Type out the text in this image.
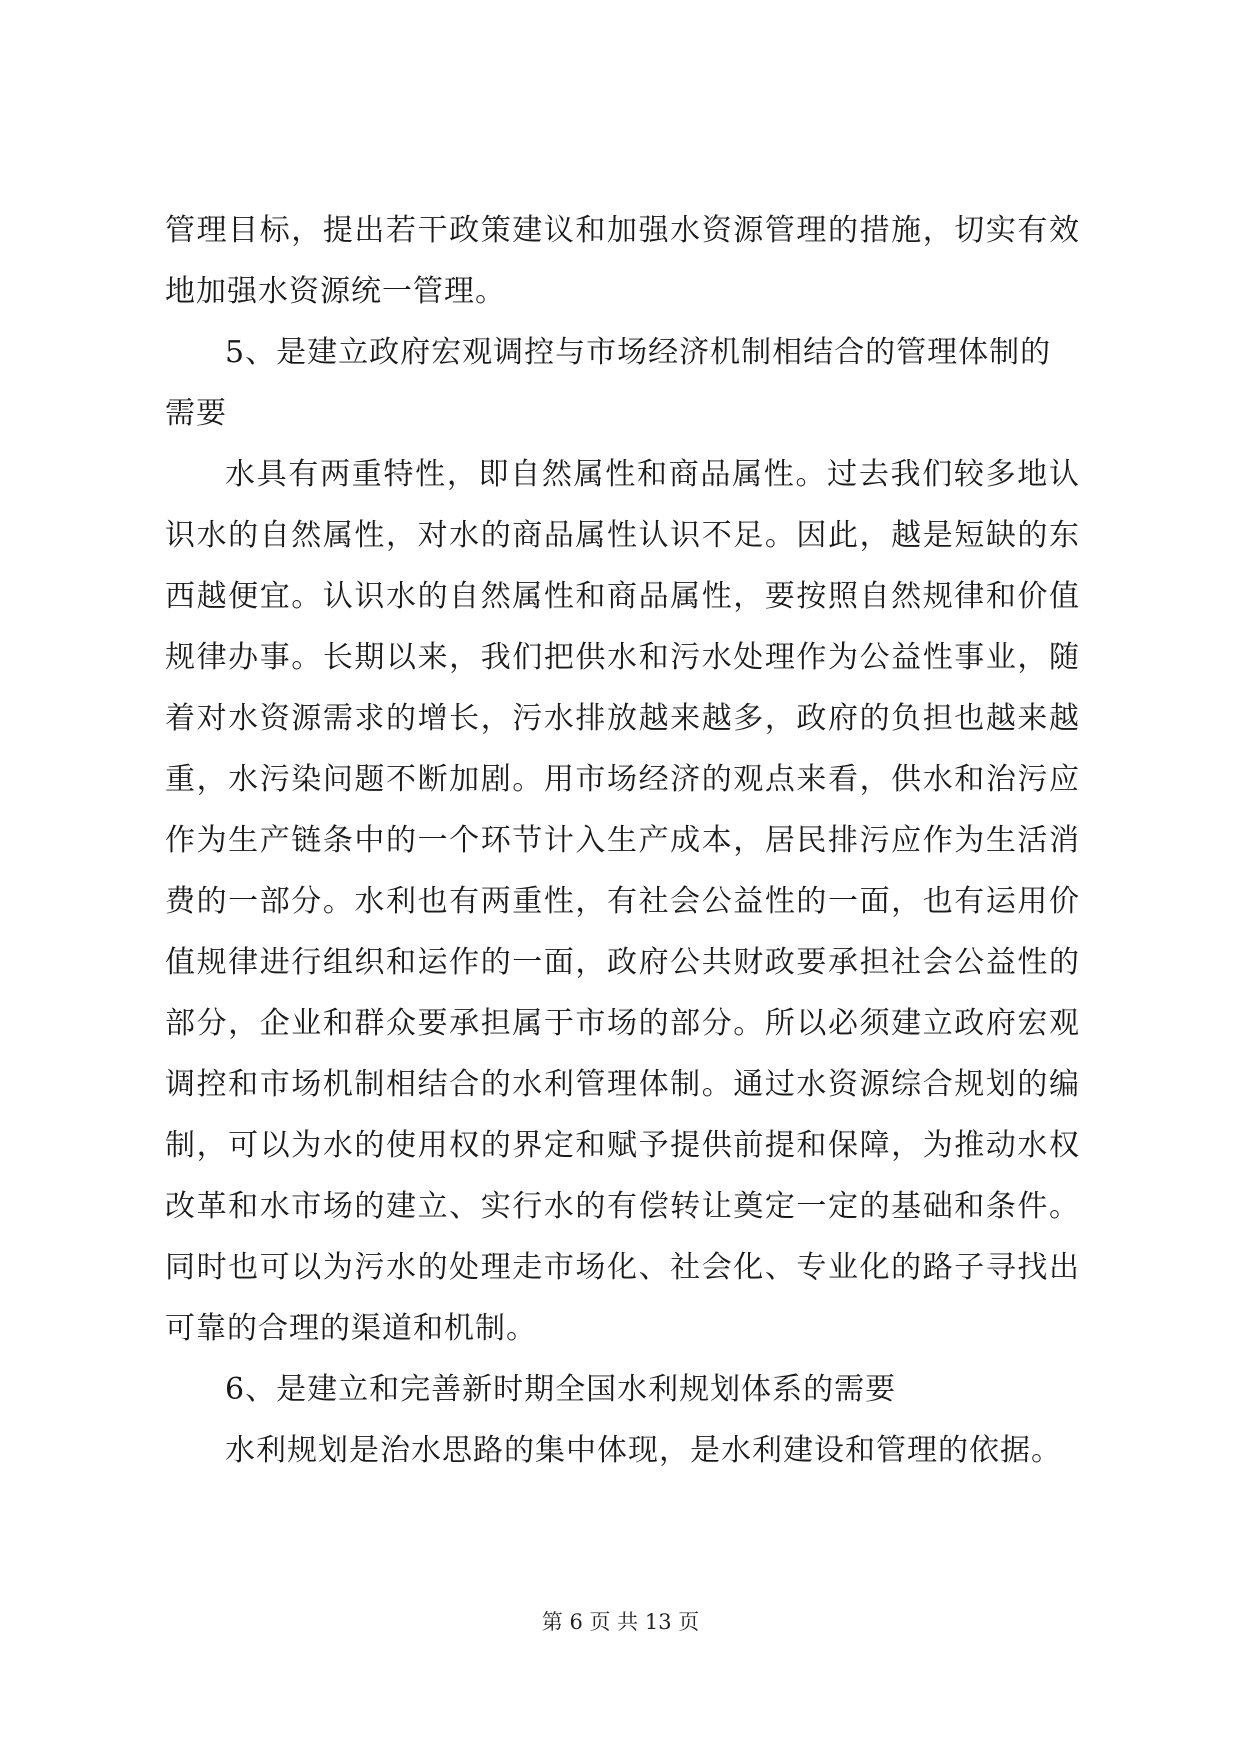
管理目标，提出若干政策建议和加强水资源管理的措施，切实有效地加强水资源统一管理。

5、是建立政府宏观调控与市场经济机制相结合的管理体制的需要

水具有两重特性，即自然属性和商品属性。过去我们较多地认识水的自然属性，对水的商品属性认识不足。因此，越是短缺的东西越便宜。认识水的自然属性和商品属性，要按照自然规律和价值规律办事。长期以来，我们把供水和污水处理作为公益性事业，随着对水资源需求的增长，污水排放越来越多，政府的负担也越来越重，水污染问题不断加剧。用市场经济的观点来看，供水和治污应作为生产链条中的一个环节计入生产成本，居民排污应作为生活消费的一部分。水利也有两重性，有社会公益性的一面，也有运用价值规律进行组织和运作的一面，政府公共财政要承担社会公益性的部分，企业和群众要承担属于市场的部分。所以必须建立政府宏观调控和市场机制相结合的水利管理体制。通过水资源综合规划的编制，可以为水的使用权的界定和赋予提供前提和保障，为推动水权改革和水市场的建立、实行水的有偿转让奠定一定的基础和条件。同时也可以为污水的处理走市场化、社会化、专业化的路子寻找出可靠的合理的渠道和机制。

6、是建立和完善新时期全国水利规划体系的需要

水利规划是治水思路的集中体现，是水利建设和管理的依据。

第 6 页 共 13 页
